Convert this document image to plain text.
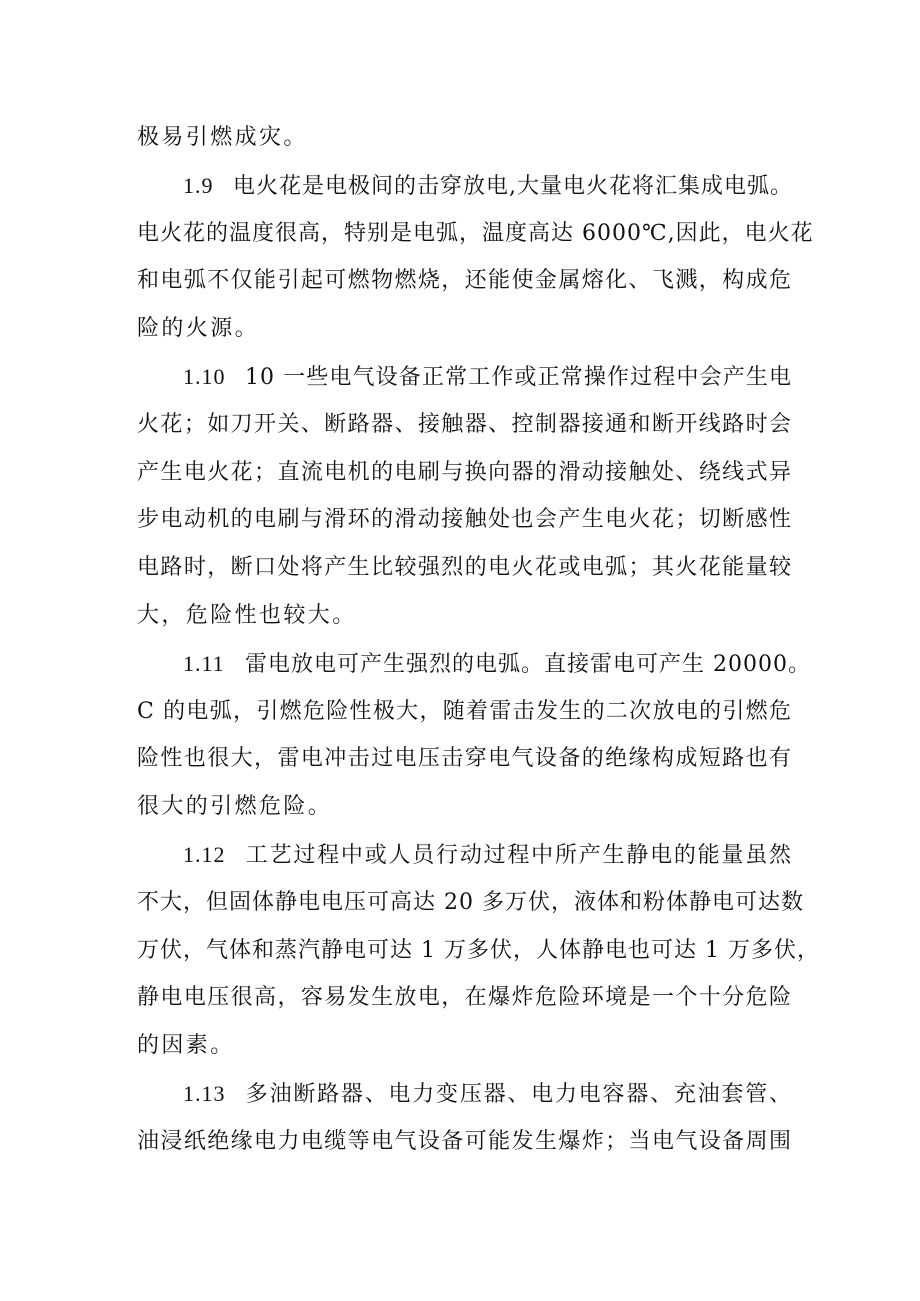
极易引燃成灾。
1.9 电火花是电极间的击穿放电,大量电火花将汇集成电弧。
电火花的温度很高，特别是电弧，温度高达 6000℃,因此，电火花
和电弧不仅能引起可燃物燃烧，还能使金属熔化、飞溅，构成危
险的火源。
1.10 10 一些电气设备正常工作或正常操作过程中会产生电
火花；如刀开关、断路器、接触器、控制器接通和断开线路时会
产生电火花；直流电机的电刷与换向器的滑动接触处、绕线式异
步电动机的电刷与滑环的滑动接触处也会产生电火花；切断感性
电路时，断口处将产生比较强烈的电火花或电弧；其火花能量较
大，危险性也较大。
1.11 雷电放电可产生强烈的电弧。直接雷电可产生 20000。
C 的电弧，引燃危险性极大，随着雷击发生的二次放电的引燃危
险性也很大，雷电冲击过电压击穿电气设备的绝缘构成短路也有
很大的引燃危险。
1.12 工艺过程中或人员行动过程中所产生静电的能量虽然
不大，但固体静电电压可高达 20 多万伏，液体和粉体静电可达数
万伏，气体和蒸汽静电可达 1 万多伏，人体静电也可达 1 万多伏，
静电电压很高，容易发生放电，在爆炸危险环境是一个十分危险
的因素。
1.13 多油断路器、电力变压器、电力电容器、充油套管、
油浸纸绝缘电力电缆等电气设备可能发生爆炸；当电气设备周围
